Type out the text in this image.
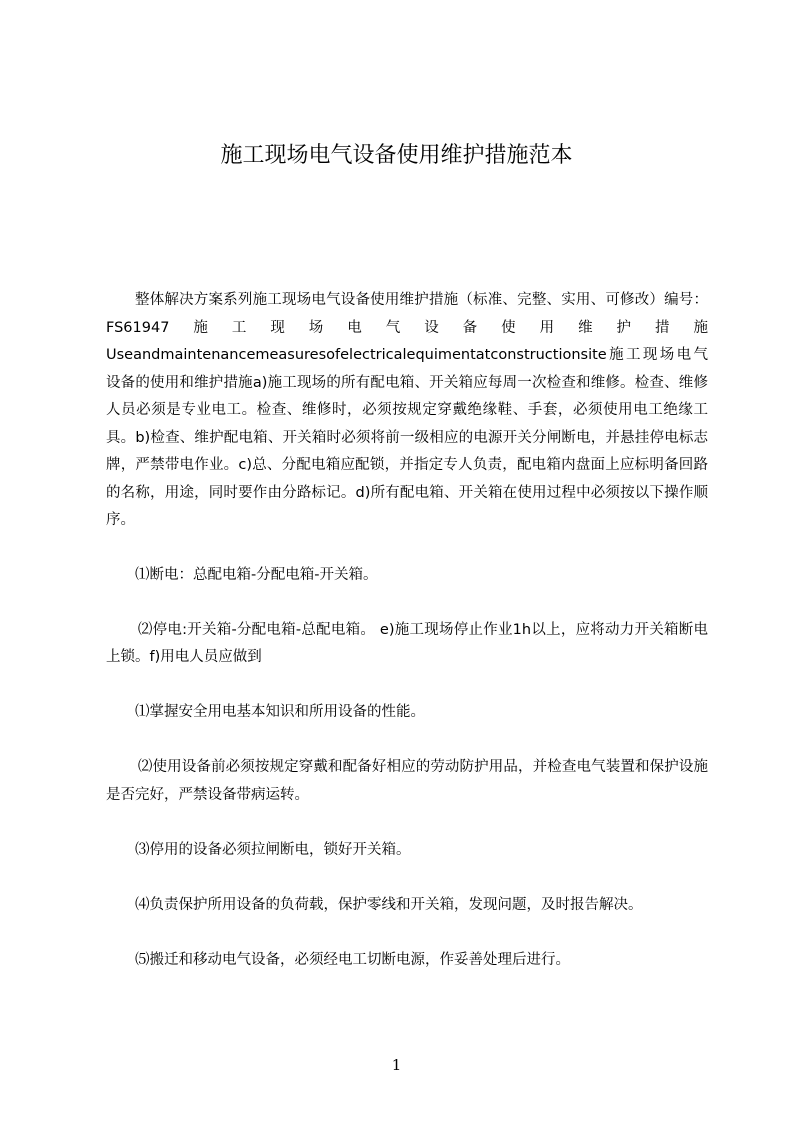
施工现场电气设备使用维护措施范本

整体解决方案系列施工现场电气设备使用维护措施（标准、完整、实用、可修改）编号：FS61947施工现场电气设备使用维护措施Useandmaintenancemeasuresofelectricalequimentatconstructionsite施工现场电气设备的使用和维护措施a)施工现场的所有配电箱、开关箱应每周一次检查和维修。检查、维修人员必须是专业电工。检查、维修时，必须按规定穿戴绝缘鞋、手套，必须使用电工绝缘工具。b)检查、维护配电箱、开关箱时必须将前一级相应的电源开关分闸断电，并悬挂停电标志牌，严禁带电作业。c)总、分配电箱应配锁，并指定专人负责，配电箱内盘面上应标明备回路的名称，用途，同时要作由分路标记。d)所有配电箱、开关箱在使用过程中必须按以下操作顺序。

⑴断电：总配电箱-分配电箱-开关箱。

⑵停电:开关箱-分配电箱-总配电箱。 e)施工现场停止作业1h以上，应将动力开关箱断电上锁。f)用电人员应做到

⑴掌握安全用电基本知识和所用设备的性能。

⑵使用设备前必须按规定穿戴和配备好相应的劳动防护用品，并检查电气装置和保护设施是否完好，严禁设备带病运转。

⑶停用的设备必须拉闸断电，锁好开关箱。

⑷负责保护所用设备的负荷载，保护零线和开关箱，发现问题，及时报告解决。

⑸搬迁和移动电气设备，必须经电工切断电源，作妥善处理后进行。

1
